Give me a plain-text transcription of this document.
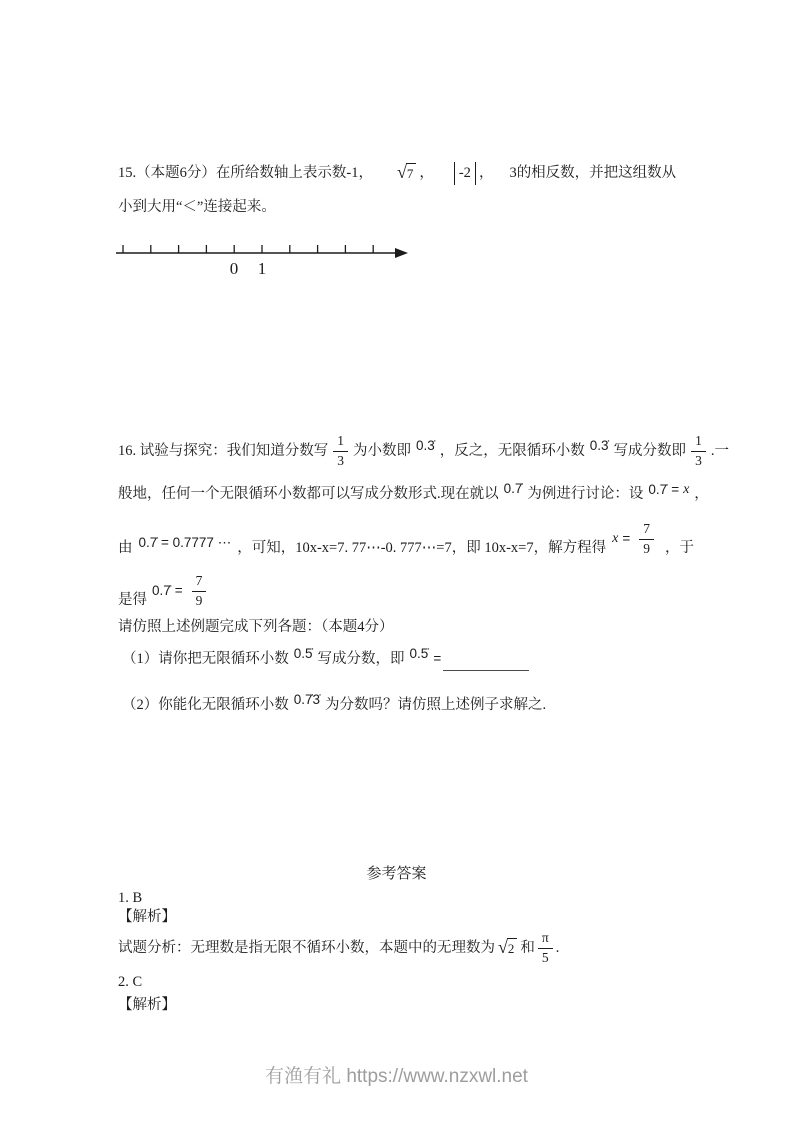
15.（本题6分）在所给数轴上表示数-1， √ 7 ，	-2 ， 3的相反数，并把这组数从
小到大用“＜”连接起来。
0 1
16. 试验与探究：我们知道分数写 $\frac{1}{3}$ 为小数即 0.3̇ ，反之，无限循环小数 0.3̇ 写成分数即 $\frac{1}{3}$ .一
般地，任何一个无限循环小数都可以写成分数形式.现在就以 0.7̇ 为例进行讨论：设 0.7̇ = x ，
由 0.7̇ = 0.7777 ⋯ ，可知，10x-x=7. 77⋯-0. 777⋯=7，即 10x-x=7，解方程得
$x = \frac{7}{9}$ ，于
是得
0.7̇ = $\frac{7}{9}$
请仿照上述例题完成下列各题：（本题4分）
（1）请你把无限循环小数 0.5̇ 写成分数，即 0.5̇ =
（2）你能化无限循环小数 0.7̇3̇ 为分数吗？请仿照上述例子求解之.
参考答案
1. B
【解析】
试题分析：无理数是指无限不循环小数，本题中的无理数为 √ 2 和 $\frac{\pi}{5}$ .
2. C
【解析】
有渔有礼 https://www.nzxwl.net
